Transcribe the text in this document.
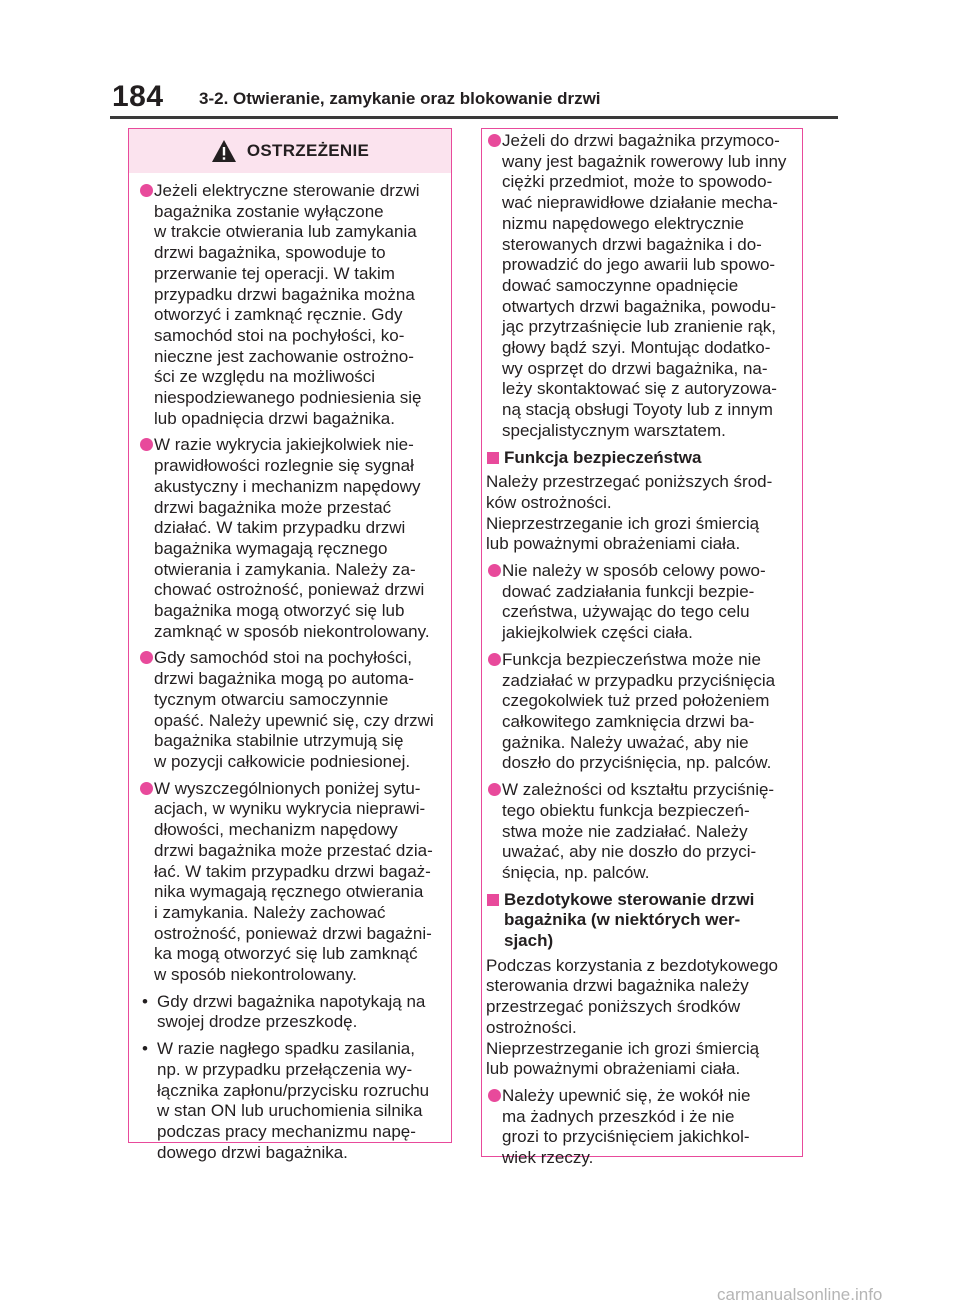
184 3-2. Otwieranie, zamykanie oraz blokowanie drzwi
OSTRZEŻENIE
Jeżeli elektryczne sterowanie drzwi
bagażnika zostanie wyłączone
w trakcie otwierania lub zamykania
drzwi bagażnika, spowoduje to
przerwanie tej operacji. W takim
przypadku drzwi bagażnika można
otworzyć i zamknąć ręcznie. Gdy
samochód stoi na pochyłości, ko-
nieczne jest zachowanie ostrożno-
ści ze względu na możliwości
niespodziewanego podniesienia się
lub opadnięcia drzwi bagażnika.
W razie wykrycia jakiejkolwiek nie-
prawidłowości rozlegnie się sygnał
akustyczny i mechanizm napędowy
drzwi bagażnika może przestać
działać. W takim przypadku drzwi
bagażnika wymagają ręcznego
otwierania i zamykania. Należy za-
chować ostrożność, ponieważ drzwi
bagażnika mogą otworzyć się lub
zamknąć w sposób niekontrolowany.
Gdy samochód stoi na pochyłości,
drzwi bagażnika mogą po automa-
tycznym otwarciu samoczynnie
opaść. Należy upewnić się, czy drzwi
bagażnika stabilnie utrzymują się
w pozycji całkowicie podniesionej.
W wyszczególnionych poniżej sytu-
acjach, w wyniku wykrycia nieprawi-
dłowości, mechanizm napędowy
drzwi bagażnika może przestać dzia-
łać. W takim przypadku drzwi bagaż-
nika wymagają ręcznego otwierania
i zamykania. Należy zachować
ostrożność, ponieważ drzwi bagażni-
ka mogą otworzyć się lub zamknąć
w sposób niekontrolowany.
• Gdy drzwi bagażnika napotykają na
swojej drodze przeszkodę.
• W razie nagłego spadku zasilania,
np. w przypadku przełączenia wy-
łącznika zapłonu/przycisku rozruchu
w stan ON lub uruchomienia silnika
podczas pracy mechanizmu napę-
dowego drzwi bagażnika.
Jeżeli do drzwi bagażnika przymoco-
wany jest bagażnik rowerowy lub inny
ciężki przedmiot, może to spowodo-
wać nieprawidłowe działanie mecha-
nizmu napędowego elektrycznie
sterowanych drzwi bagażnika i do-
prowadzić do jego awarii lub spowo-
dować samoczynne opadnięcie
otwartych drzwi bagażnika, powodu-
jąc przytrzaśnięcie lub zranienie rąk,
głowy bądź szyi. Montując dodatko-
wy osprzęt do drzwi bagażnika, na-
leży skontaktować się z autoryzowa-
ną stacją obsługi Toyoty lub z innym
specjalistycznym warsztatem.
Funkcja bezpieczeństwa
Należy przestrzegać poniższych środ-
ków ostrożności.
Nieprzestrzeganie ich grozi śmiercią
lub poważnymi obrażeniami ciała.
Nie należy w sposób celowy powo-
dować zadziałania funkcji bezpie-
czeństwa, używając do tego celu
jakiejkolwiek części ciała.
Funkcja bezpieczeństwa może nie
zadziałać w przypadku przyciśnięcia
czegokolwiek tuż przed położeniem
całkowitego zamknięcia drzwi ba-
gażnika. Należy uważać, aby nie
doszło do przyciśnięcia, np. palców.
W zależności od kształtu przyciśnię-
tego obiektu funkcja bezpieczeń-
stwa może nie zadziałać. Należy
uważać, aby nie doszło do przyci-
śnięcia, np. palców.
Bezdotykowe sterowanie drzwi
bagażnika (w niektórych wer-
sjach)
Podczas korzystania z bezdotykowego
sterowania drzwi bagażnika należy
przestrzegać poniższych środków
ostrożności.
Nieprzestrzeganie ich grozi śmiercią
lub poważnymi obrażeniami ciała.
Należy upewnić się, że wokół nie
ma żadnych przeszkód i że nie
grozi to przyciśnięciem jakichkol-
wiek rzeczy.
carmanualsonline.info
